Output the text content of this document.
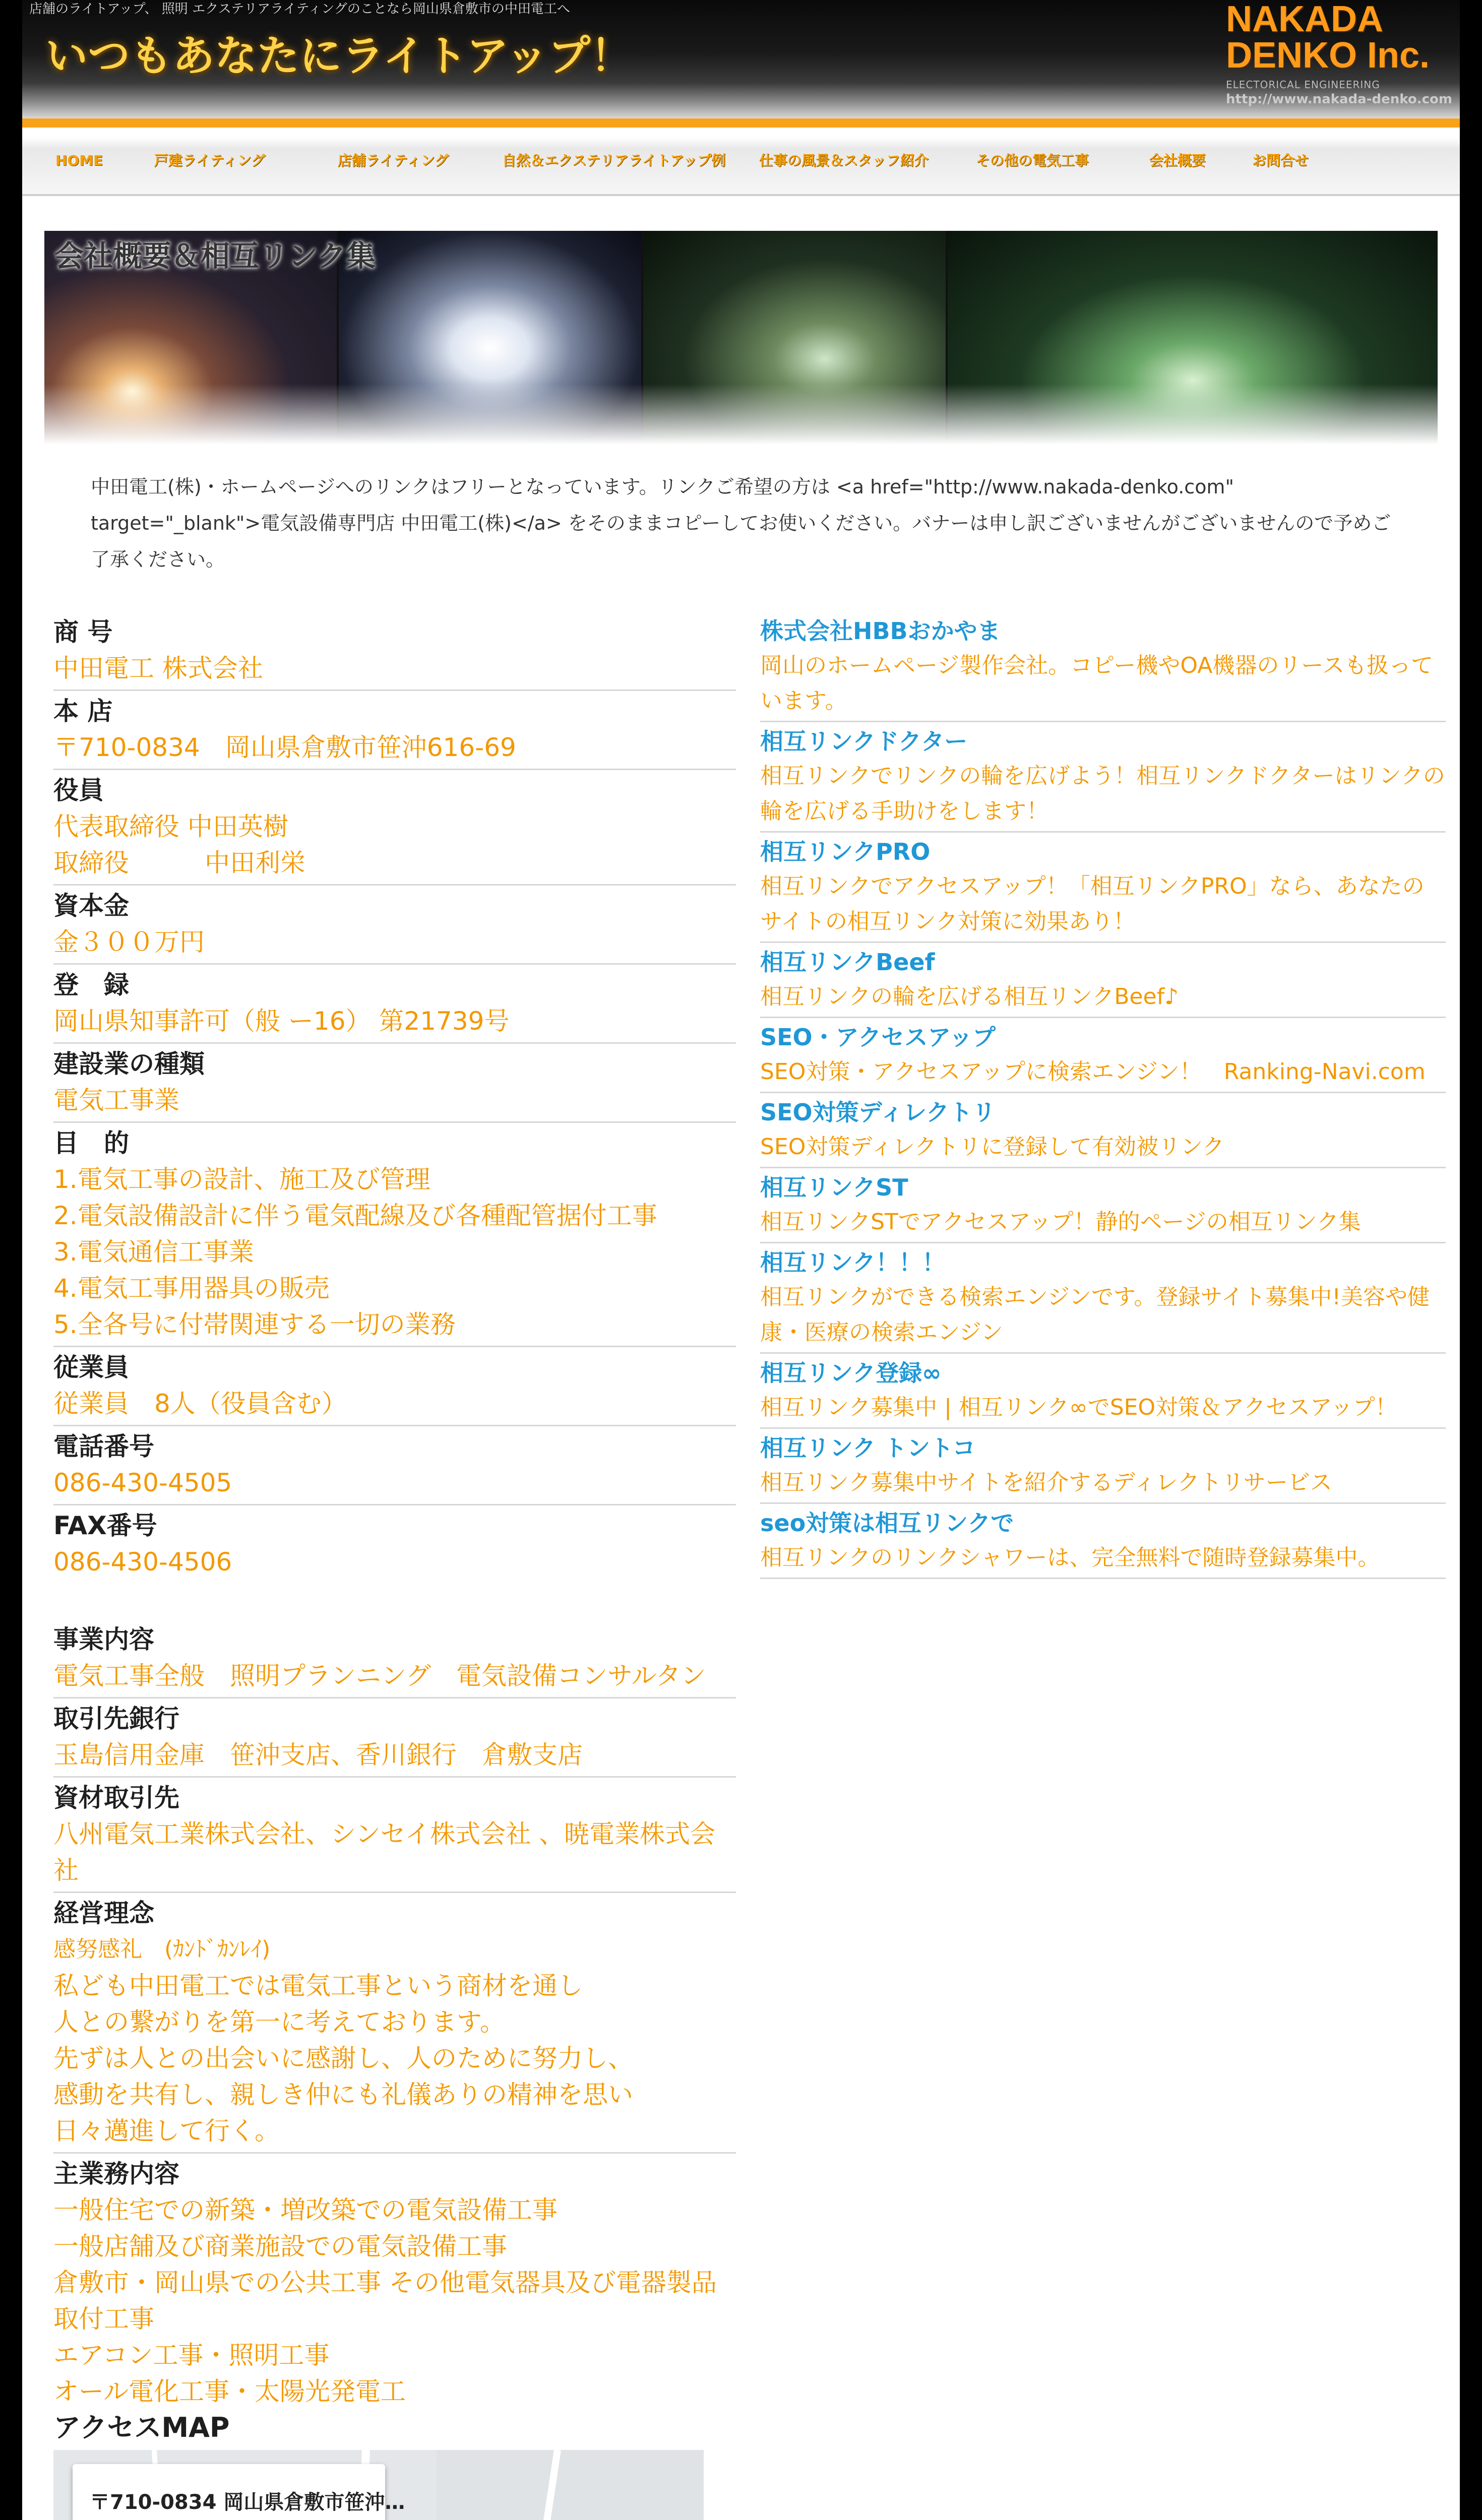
店舗のライトアップ、 照明 エクステリアライティングのことなら岡山県倉敷市の中田電工へ
いつもあなたにライトアップ！
NAKADA
DENKO Inc.
ELECTORICAL ENGINEERING
http://www.nakada-denko.com
HOME	戸建ライティング	店舗ライティング	自然＆エクステリアライトアップ例 仕事の風景＆スタッフ紹介	その他の電気工事	会社概要	お問合せ
会社概要＆相互リンク集
中田電工(株)・ホームページへのリンクはフリーとなっています。リンクご希望の方は <a href="http://www.nakada-denko.com" target="_blank">電気設備専門店 中田電工(株)</a> をそのままコピーしてお使いください。バナーは申し訳ございませんがございませんので予めご了承ください。
商 号
中田電工 株式会社
本 店
〒710-0834　岡山県倉敷市笹沖616-69
役員
代表取締役 中田英樹
取締役　　　中田利栄
資本金
金３００万円
登　録
岡山県知事許可（般 ー16） 第21739号
建設業の種類
電気工事業
目　的
1.電気工事の設計、施工及び管理
2.電気設備設計に伴う電気配線及び各種配管据付工事
3.電気通信工事業
4.電気工事用器具の販売
5.全各号に付帯関連する一切の業務
従業員
従業員　8人（役員含む）
電話番号
086-430-4505
FAX番号
086-430-4506
事業内容
電気工事全般　照明プランニング　電気設備コンサルタン
取引先銀行
玉島信用金庫　笹沖支店、香川銀行　倉敷支店
資材取引先
八州電気工業株式会社、シンセイ株式会社 、暁電業株式会社
経営理念
感努感礼　(ｶﾝﾄﾞｶﾝﾚｲ)
私ども中田電工では電気工事という商材を通し
人との繋がりを第一に考えております。
先ずは人との出会いに感謝し、人のために努力し、
感動を共有し、親しき仲にも礼儀ありの精神を思い
日々邁進して行く。
主業務内容
一般住宅での新築・増改築での電気設備工事
一般店舗及び商業施設での電気設備工事
倉敷市・岡山県での公共工事 その他電気器具及び電器製品取付工事
エアコン工事・照明工事
オール電化工事・太陽光発電工
アクセスMAP
〒710-0834 岡山県倉敷市笹沖…
株式会社HBBおかやま
岡山のホームページ製作会社。コピー機やOA機器のリースも扱っています。
相互リンクドクター
相互リンクでリンクの輪を広げよう！相互リンクドクターはリンクの輪を広げる手助けをします！
相互リンクPRO
相互リンクでアクセスアップ！「相互リンクPRO」なら、あなたのサイトの相互リンク対策に効果あり！
相互リンクBeef
相互リンクの輪を広げる相互リンクBeef♪
SEO・アクセスアップ
SEO対策・アクセスアップに検索エンジン！　Ranking-Navi.com
SEO対策ディレクトリ
SEO対策ディレクトリに登録して有効被リンク
相互リンクST
相互リンクSTでアクセスアップ！静的ページの相互リンク集
相互リンク！！！
相互リンクができる検索エンジンです。登録サイト募集中!美容や健康・医療の検索エンジン
相互リンク登録∞
相互リンク募集中 | 相互リンク∞でSEO対策＆アクセスアップ！
相互リンク トントコ
相互リンク募集中サイトを紹介するディレクトリサービス
seo対策は相互リンクで
相互リンクのリンクシャワーは、完全無料で随時登録募集中。
